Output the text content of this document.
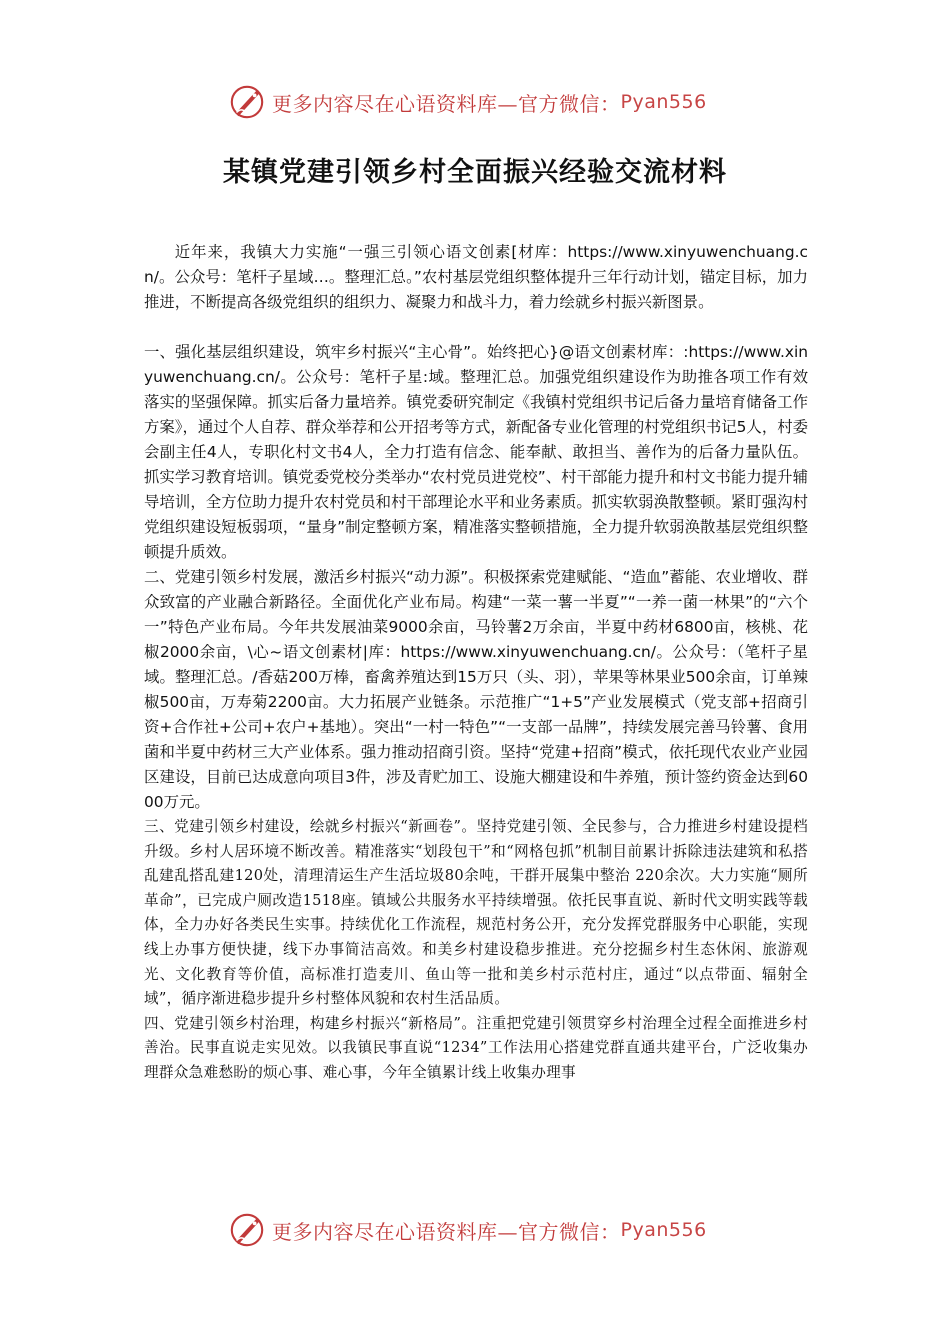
更多内容尽在心语资料库—官方微信： Pyan556
某镇党建引领乡村全面振兴经验交流材料

近年来，我镇大力实施“一强三引领心语文创素[材库：https://www.xinyuwenchuang.cn/。公众号：笔杆子星域…。整理汇总。”农村基层党组织整体提升三年行动计划，锚定目标，加力推进，不断提高各级党组织的组织力、凝聚力和战斗力，着力绘就乡村振兴新图景。

一、强化基层组织建设，筑牢乡村振兴“主心骨”。始终把心}@语文创素材库：:https://www.xinyuwenchuang.cn/。公众号：笔杆子星:域。整理汇总。加强党组织建设作为助推各项工作有效落实的坚强保障。抓实后备力量培养。镇党委研究制定《我镇村党组织书记后备力量培育储备工作方案》，通过个人自荐、群众举荐和公开招考等方式，新配备专业化管理的村党组织书记5人，村委会副主任4人，专职化村文书4人，全力打造有信念、能奉献、敢担当、善作为的后备力量队伍。抓实学习教育培训。镇党委党校分类举办“农村党员进党校”、村干部能力提升和村文书能力提升辅导培训，全方位助力提升农村党员和村干部理论水平和业务素质。抓实软弱涣散整顿。紧盯强沟村党组织建设短板弱项，“量身”制定整顿方案，精准落实整顿措施，全力提升软弱涣散基层党组织整顿提升质效。

二、党建引领乡村发展，激活乡村振兴“动力源”。积极探索党建赋能、“造血”蓄能、农业增收、群众致富的产业融合新路径。全面优化产业布局。构建“一菜一薯一半夏”“一养一菌一林果”的“六个一”特色产业布局。今年共发展油菜9000余亩，马铃薯2万余亩，半夏中药材6800亩，核桃、花椒2000余亩，\心~语文创素材|库：https://www.xinyuwenchuang.cn/。公众号：（笔杆子星域。整理汇总。/香菇200万棒，畜禽养殖达到15万只（头、羽），苹果等林果业500余亩，订单辣椒500亩，万寿菊2200亩。大力拓展产业链条。示范推广“1+5”产业发展模式（党支部+招商引资+合作社+公司+农户+基地）。突出“一村一特色”“一支部一品牌”，持续发展完善马铃薯、食用菌和半夏中药材三大产业体系。强力推动招商引资。坚持“党建+招商”模式，依托现代农业产业园区建设，目前已达成意向项目3件，涉及青贮加工、设施大棚建设和牛养殖，预计签约资金达到6000万元。

三、党建引领乡村建设，绘就乡村振兴“新画卷”。坚持党建引领、全民参与，合力推进乡村建设提档升级。乡村人居环境不断改善。精准落实“划段包干”和“网格包抓”机制目前累计拆除违法建筑和私搭乱建乱搭乱建120处，清理清运生产生活垃圾80余吨，干群开展集中整治 220余次。大力实施“厕所革命”，已完成户厕改造1518座。镇域公共服务水平持续增强。依托民事直说、新时代文明实践等载体，全力办好各类民生实事。持续优化工作流程，规范村务公开，充分发挥党群服务中心职能，实现线上办事方便快捷，线下办事简洁高效。和美乡村建设稳步推进。充分挖掘乡村生态休闲、旅游观光、文化教育等价值，高标准打造麦川、鱼山等一批和美乡村示范村庄，通过“以点带面、辐射全域”，循序渐进稳步提升乡村整体风貌和农村生活品质。

四、党建引领乡村治理，构建乡村振兴“新格局”。注重把党建引领贯穿乡村治理全过程全面推进乡村善治。民事直说走实见效。以我镇民事直说“1234”工作法用心搭建党群直通共建平台，广泛收集办理群众急难愁盼的烦心事、难心事，今年全镇累计线上收集办理事

更多内容尽在心语资料库—官方微信： Pyan556
